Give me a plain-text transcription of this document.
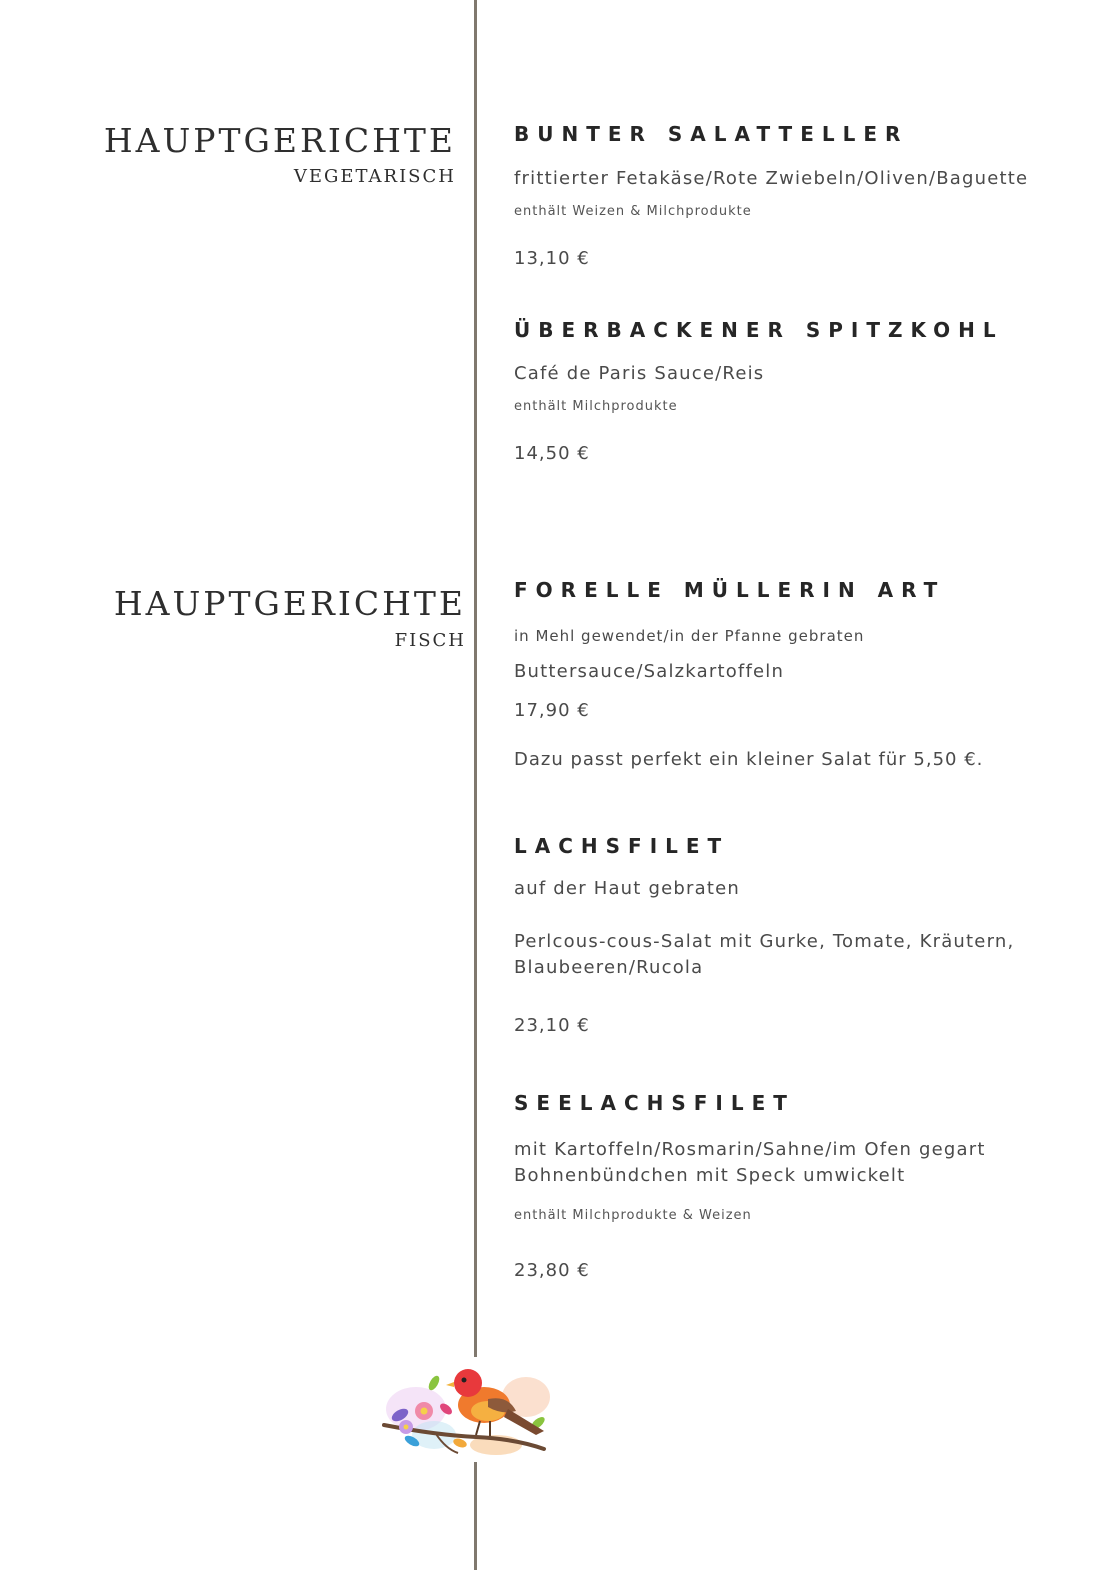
HAUPTGERICHTE
VEGETARISCH
BUNTER SALATTELLER
frittierter Fetakäse/Rote Zwiebeln/Oliven/Baguette
enthält Weizen & Milchprodukte
13,10 €
ÜBERBACKENER SPITZKOHL
Café de Paris Sauce/Reis
enthält Milchprodukte
14,50 €
HAUPTGERICHTE
FISCH
FORELLE MÜLLERIN ART
in Mehl gewendet/in der Pfanne gebraten
Buttersauce/Salzkartoffeln
17,90 €
Dazu passt perfekt ein kleiner Salat für 5,50 €.
LACHSFILET
auf der Haut gebraten
Perlcous-cous-Salat mit Gurke, Tomate, Kräutern,
Blaubeeren/Rucola
23,10 €
SEELACHSFILET
mit Kartoffeln/Rosmarin/Sahne/im Ofen gegart
Bohnenbündchen mit Speck umwickelt
enthält Milchprodukte & Weizen
23,80 €
